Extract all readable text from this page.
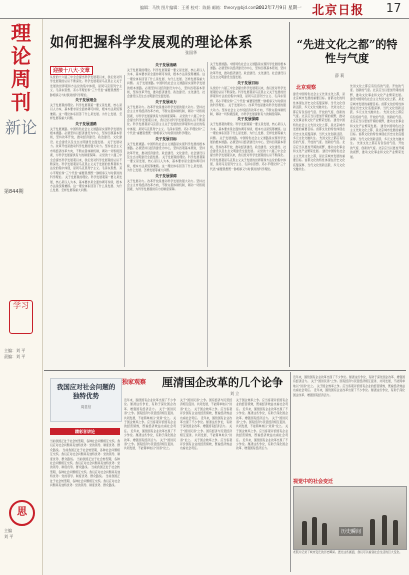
编辑：马铁 图片编辑：王勇 校对：陈娟 邮箱：theory@bjd.com.cn
2012年7月9日 星期一 北京日报 17
理论周刊
新论
第844期
学习
主编：刘 平
责编：刘 平
思
主编
刘 平
如何把握科学发展观的理论体系
张国华
迎接十八大·文章
从党的十六届三中全会提出科学发展观以来，我们党对科学发展观的认识不断深化。科学发展观是马克思主义关于发展的世界观和方法论的集中体现，是同马克思列宁主义、毛泽东思想、邓小平理论和“三个代表”重要思想既一脉相承又与时俱进的科学理论。
关于发展理念
关于发展观的理论。科学发展观第一要义是发展，核心是以人为本，基本要求是全面协调可持续，根本方法是统筹兼顾。这一理论体系回答了什么是发展、为什么发展、怎样发展等重大问题。
关于发展道路
关于发展道路。中国特色社会主义道路是实现科学发展的根本道路。必须坚持以经济建设为中心，坚持四项基本原则，坚持改革开放，推动经济建设、政治建设、文化建设、社会建设以及生态文明建设全面发展。 关于发展动力。改革开放是推动科学发展的强大动力。坚持社会主义市场经济改革方向，不断完善体制机制，调动一切积极因素，为科学发展提供有力的制度保障。 从党的十六届三中全会提出科学发展观以来，我们党对科学发展观的认识不断深化。科学发展观是马克思主义关于发展的世界观和方法论的集中体现，是同马克思列宁主义、毛泽东思想、邓小平理论和“三个代表”重要思想既一脉相承又与时俱进的科学理论。 关于发展观的理论。科学发展观第一要义是发展，核心是以人为本，基本要求是全面协调可持续，根本方法是统筹兼顾。这一理论体系回答了什么是发展、为什么发展、怎样发展等重大问题。
关于发展战略
关于发展观的理论。科学发展观第一要义是发展，核心是以人为本，基本要求是全面协调可持续，根本方法是统筹兼顾。这一理论体系回答了什么是发展、为什么发展、怎样发展等重大问题。 关于发展道路。中国特色社会主义道路是实现科学发展的根本道路。必须坚持以经济建设为中心，坚持四项基本原则，坚持改革开放，推动经济建设、政治建设、文化建设、社会建设以及生态文明建设全面发展。
关于发展动力
关于发展动力。改革开放是推动科学发展的强大动力。坚持社会主义市场经济改革方向，不断完善体制机制，调动一切积极因素，为科学发展提供有力的制度保障。 从党的十六届三中全会提出科学发展观以来，我们党对科学发展观的认识不断深化。科学发展观是马克思主义关于发展的世界观和方法论的集中体现，是同马克思列宁主义、毛泽东思想、邓小平理论和“三个代表”重要思想既一脉相承又与时俱进的科学理论。
关于发展目标
关于发展道路。中国特色社会主义道路是实现科学发展的根本道路。必须坚持以经济建设为中心，坚持四项基本原则，坚持改革开放，推动经济建设、政治建设、文化建设、社会建设以及生态文明建设全面发展。 关于发展观的理论。科学发展观第一要义是发展，核心是以人为本，基本要求是全面协调可持续，根本方法是统筹兼顾。这一理论体系回答了什么是发展、为什么发展、怎样发展等重大问题。
关于发展保障
关于发展动力。改革开放是推动科学发展的强大动力。坚持社会主义市场经济改革方向，不断完善体制机制，调动一切积极因素，为科学发展提供有力的制度保障。
关于发展道路。中国特色社会主义道路是实现科学发展的根本道路。必须坚持以经济建设为中心，坚持四项基本原则，坚持改革开放，推动经济建设、政治建设、文化建设、社会建设以及生态文明建设全面发展。
关于发展目标
从党的十六届三中全会提出科学发展观以来，我们党对科学发展观的认识不断深化。科学发展观是马克思主义关于发展的世界观和方法论的集中体现，是同马克思列宁主义、毛泽东思想、邓小平理论和“三个代表”重要思想既一脉相承又与时俱进的科学理论。 关于发展动力。改革开放是推动科学发展的强大动力。坚持社会主义市场经济改革方向，不断完善体制机制，调动一切积极因素，为科学发展提供有力的制度保障。
关于发展保障
关于发展观的理论。科学发展观第一要义是发展，核心是以人为本，基本要求是全面协调可持续，根本方法是统筹兼顾。这一理论体系回答了什么是发展、为什么发展、怎样发展等重大问题。 关于发展道路。中国特色社会主义道路是实现科学发展的根本道路。必须坚持以经济建设为中心，坚持四项基本原则，坚持改革开放，推动经济建设、政治建设、文化建设、社会建设以及生态文明建设全面发展。 从党的十六届三中全会提出科学发展观以来，我们党对科学发展观的认识不断深化。科学发展观是马克思主义关于发展的世界观和方法论的集中体现，是同马克思列宁主义、毛泽东思想、邓小平理论和“三个代表”重要思想既一脉相承又与时俱进的科学理论。
“先进文化之都”的特性与气度
薛 莉
北京观察
建设中国特色社会主义先进文化之都，是北京城市发展的重要目标。首都文化的特性体现在历史文化底蕴深厚、当代文化创新活跃、多元文化交融共生。 先进文化之都应有包容的气度、开放的气度、创新的气度。北京应当以更加开阔的视野，推动文化事业和文化产业繁荣发展。 建设中国特色社会主义先进文化之都，是北京城市发展的重要目标。首都文化的特性体现在历史文化底蕴深厚、当代文化创新活跃、多元文化交融共生。 先进文化之都应有包容的气度、开放的气度、创新的气度。北京应当以更加开阔的视野，推动文化事业和文化产业繁荣发展。 建设中国特色社会主义先进文化之都，是北京城市发展的重要目标。首都文化的特性体现在历史文化底蕴深厚、当代文化创新活跃、多元文化交融共生。
先进文化之都应有包容的气度、开放的气度、创新的气度。北京应当以更加开阔的视野，推动文化事业和文化产业繁荣发展。 建设中国特色社会主义先进文化之都，是北京城市发展的重要目标。首都文化的特性体现在历史文化底蕴深厚、当代文化创新活跃、多元文化交融共生。 先进文化之都应有包容的气度、开放的气度、创新的气度。北京应当以更加开阔的视野，推动文化事业和文化产业繁荣发展。 建设中国特色社会主义先进文化之都，是北京城市发展的重要目标。首都文化的特性体现在历史文化底蕴深厚、当代文化创新活跃、多元文化交融共生。 先进文化之都应有包容的气度、开放的气度、创新的气度。北京应当以更加开阔的视野，推动文化事业和文化产业繁荣发展。
我国应对社会问题的独特优势
周显信
精彩言讲论
当前我国正处于社会转型期，各种社会问题相互交织。我们应对社会问题具有独特优势：党的领导、制度优势、群众路线。 当前我国正处于社会转型期，各种社会问题相互交织。我们应对社会问题具有独特优势：党的领导、制度优势、群众路线。 当前我国正处于社会转型期，各种社会问题相互交织。我们应对社会问题具有独特优势：党的领导、制度优势、群众路线。 当前我国正处于社会转型期，各种社会问题相互交织。我们应对社会问题具有独特优势：党的领导、制度优势、群众路线。 当前我国正处于社会转型期，各种社会问题相互交织。我们应对社会问题具有独特优势：党的领导、制度优势、群众路线。
独家观察 厘清国企改革的几个论争
刘 立
近年来，围绕国有企业改革出现了不少争论。厘清这些争论，有助于深化国企改革、增强国有经济活力。 关于“国进民退”之争。国有经济与民营经济相互促进、共同发展，不能简单地以“进退”论之。 关于国企效率之争。应当客观评价国有企业的经营绩效，既看经济效益也看社会责任。 近年来，围绕国有企业改革出现了不少争论。厘清这些争论，有助于深化国企改革、增强国有经济活力。 关于“国进民退”之争。国有经济与民营经济相互促进、共同发展，不能简单地以“进退”论之。
关于“国进民退”之争。国有经济与民营经济相互促进、共同发展，不能简单地以“进退”论之。 关于国企效率之争。应当客观评价国有企业的经营绩效，既看经济效益也看社会责任。 近年来，围绕国有企业改革出现了不少争论。厘清这些争论，有助于深化国企改革、增强国有经济活力。 关于“国进民退”之争。国有经济与民营经济相互促进、共同发展，不能简单地以“进退”论之。 关于国企效率之争。应当客观评价国有企业的经营绩效，既看经济效益也看社会责任。
关于国企效率之争。应当客观评价国有企业的经营绩效，既看经济效益也看社会责任。 近年来，围绕国有企业改革出现了不少争论。厘清这些争论，有助于深化国企改革、增强国有经济活力。 关于“国进民退”之争。国有经济与民营经济相互促进、共同发展，不能简单地以“进退”论之。 关于国企效率之争。应当客观评价国有企业的经营绩效，既看经济效益也看社会责任。 近年来，围绕国有企业改革出现了不少争论。厘清这些争论，有助于深化国企改革、增强国有经济活力。
近年来，围绕国有企业改革出现了不少争论。厘清这些争论，有助于深化国企改革、增强国有经济活力。 关于“国进民退”之争。国有经济与民营经济相互促进、共同发展，不能简单地以“进退”论之。 关于国企效率之争。应当客观评价国有企业的经营绩效，既看经济效益也看社会责任。 近年来，围绕国有企业改革出现了不少争论。厘清这些争论，有助于深化国企改革、增强国有经济活力。
视觉中的社会变迁
历史瞬间
老照片记录了城市变迁的历史瞬间。透过这些画面，我们可以看到社会生活的巨大变化。
